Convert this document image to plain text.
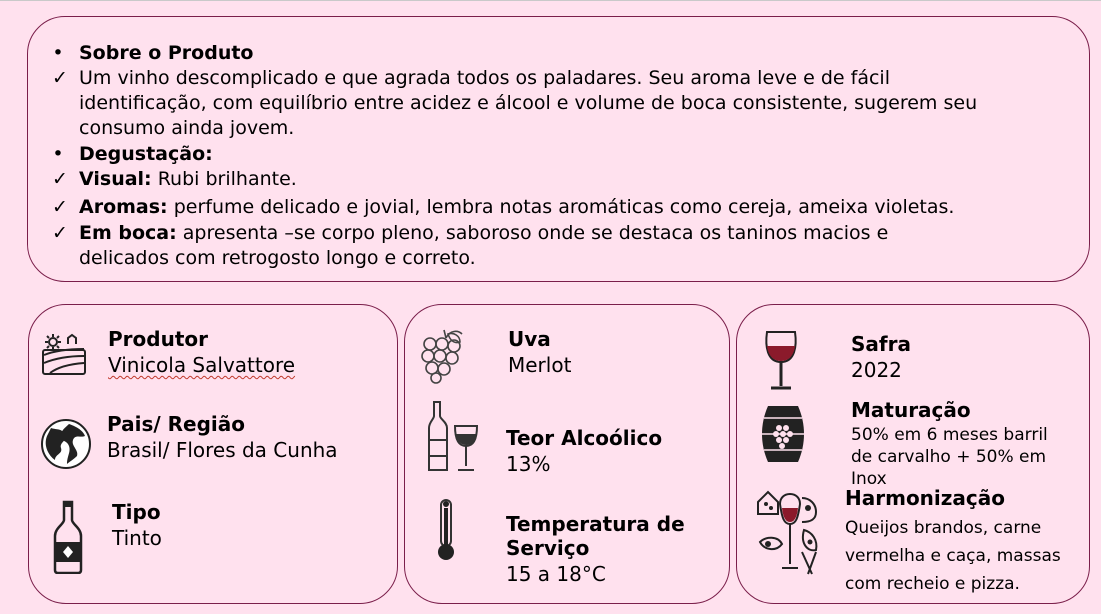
• Sobre o Produto
✓ Um vinho descomplicado e que agrada todos os paladares. Seu aroma leve e de fácil
identificação, com equilíbrio entre acidez e álcool e volume de boca consistente, sugerem seu
consumo ainda jovem.
• Degustação:
✓ Visual: Rubi brilhante.
✓ Aromas: perfume delicado e jovial, lembra notas aromáticas como cereja, ameixa violetas.
✓ Em boca: apresenta –se corpo pleno, saboroso onde se destaca os taninos macios e
delicados com retrogosto longo e correto.
Produtor
Vinicola Salvattore
Pais/ Região
Brasil/ Flores da Cunha
Tipo
Tinto
Uva
Merlot
Teor Alcoólico
13%
Temperatura de
Serviço
15 a 18°C
Safra
2022
Maturação
50% em 6 meses barril
de carvalho + 50% em
Inox
Harmonização
Queijos brandos, carne
vermelha e caça, massas
com recheio e pizza.
